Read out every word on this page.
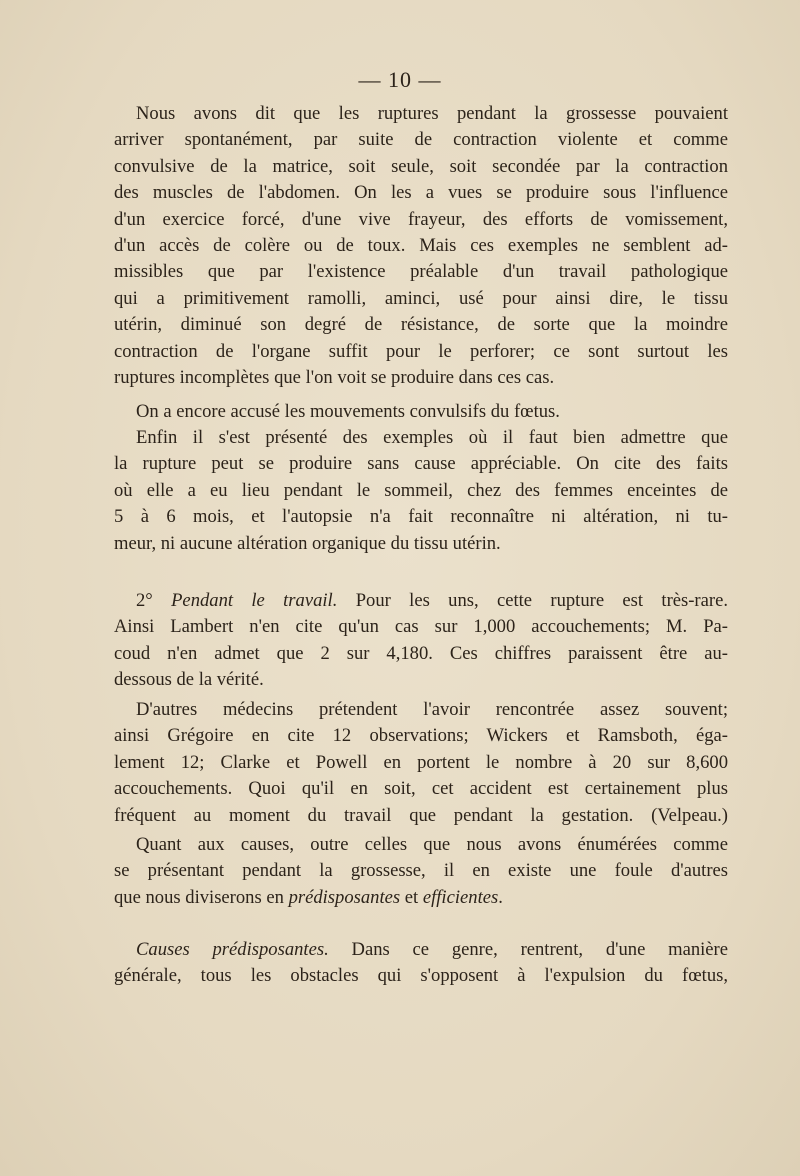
— 10 —
Nous avons dit que les ruptures pendant la grossesse pouvaient
arriver spontanément, par suite de contraction violente et comme
convulsive de la matrice, soit seule, soit secondée par la contraction
des muscles de l'abdomen. On les a vues se produire sous l'influence
d'un exercice forcé, d'une vive frayeur, des efforts de vomissement,
d'un accès de colère ou de toux. Mais ces exemples ne semblent ad-
missibles que par l'existence préalable d'un travail pathologique
qui a primitivement ramolli, aminci, usé pour ainsi dire, le tissu
utérin, diminué son degré de résistance, de sorte que la moindre
contraction de l'organe suffit pour le perforer; ce sont surtout les
ruptures incomplètes que l'on voit se produire dans ces cas.
On a encore accusé les mouvements convulsifs du fœtus.
Enfin il s'est présenté des exemples où il faut bien admettre que
la rupture peut se produire sans cause appréciable. On cite des faits
où elle a eu lieu pendant le sommeil, chez des femmes enceintes de
5 à 6 mois, et l'autopsie n'a fait reconnaître ni altération, ni tu-
meur, ni aucune altération organique du tissu utérin.
2° Pendant le travail. Pour les uns, cette rupture est très-rare.
Ainsi Lambert n'en cite qu'un cas sur 1,000 accouchements; M. Pa-
coud n'en admet que 2 sur 4,180. Ces chiffres paraissent être au-
dessous de la vérité.
D'autres médecins prétendent l'avoir rencontrée assez souvent;
ainsi Grégoire en cite 12 observations; Wickers et Ramsboth, éga-
lement 12; Clarke et Powell en portent le nombre à 20 sur 8,600
accouchements. Quoi qu'il en soit, cet accident est certainement plus
fréquent au moment du travail que pendant la gestation. (Velpeau.)
Quant aux causes, outre celles que nous avons énumérées comme
se présentant pendant la grossesse, il en existe une foule d'autres
que nous diviserons en prédisposantes et efficientes.
Causes prédisposantes. Dans ce genre, rentrent, d'une manière
générale, tous les obstacles qui s'opposent à l'expulsion du fœtus,
